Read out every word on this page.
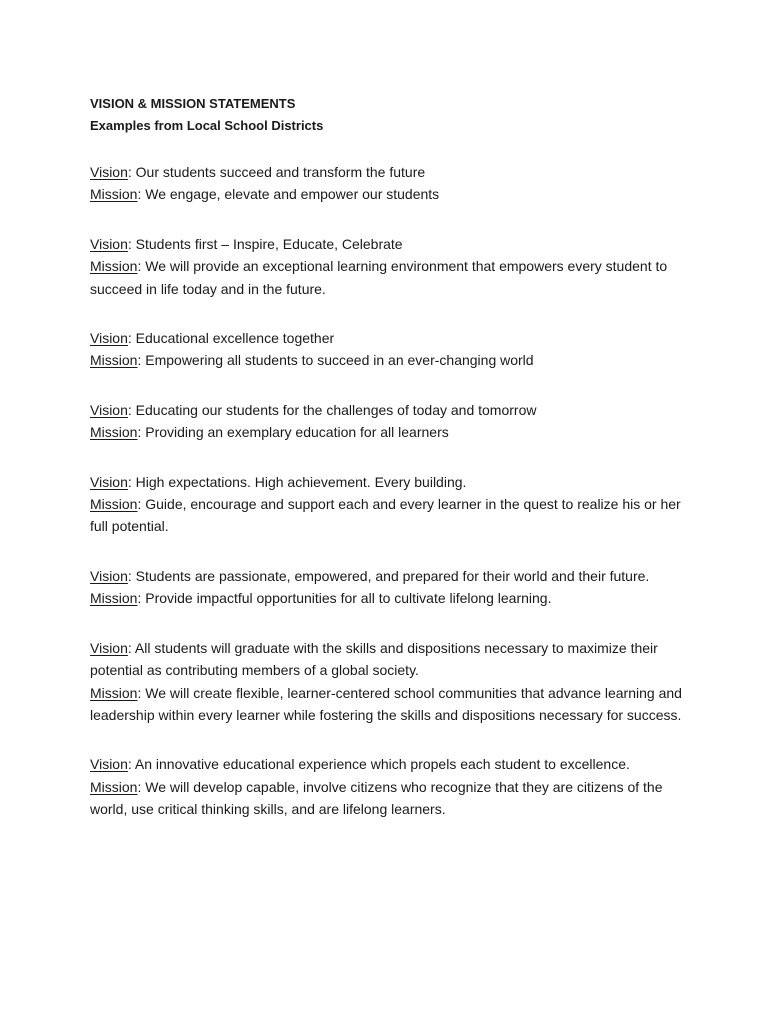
VISION & MISSION STATEMENTS

Examples from Local School Districts

Vision: Our students succeed and transform the future

Mission: We engage, elevate and empower our students

Vision: Students first – Inspire, Educate, Celebrate

Mission: We will provide an exceptional learning environment that empowers every student to succeed in life today and in the future.

Vision: Educational excellence together

Mission: Empowering all students to succeed in an ever-changing world

Vision: Educating our students for the challenges of today and tomorrow

Mission: Providing an exemplary education for all learners

Vision: High expectations. High achievement. Every building.

Mission: Guide, encourage and support each and every learner in the quest to realize his or her full potential.

Vision: Students are passionate, empowered, and prepared for their world and their future.

Mission: Provide impactful opportunities for all to cultivate lifelong learning.

Vision: All students will graduate with the skills and dispositions necessary to maximize their potential as contributing members of a global society.

Mission: We will create flexible, learner-centered school communities that advance learning and leadership within every learner while fostering the skills and dispositions necessary for success.

Vision: An innovative educational experience which propels each student to excellence.

Mission: We will develop capable, involve citizens who recognize that they are citizens of the world, use critical thinking skills, and are lifelong learners.
